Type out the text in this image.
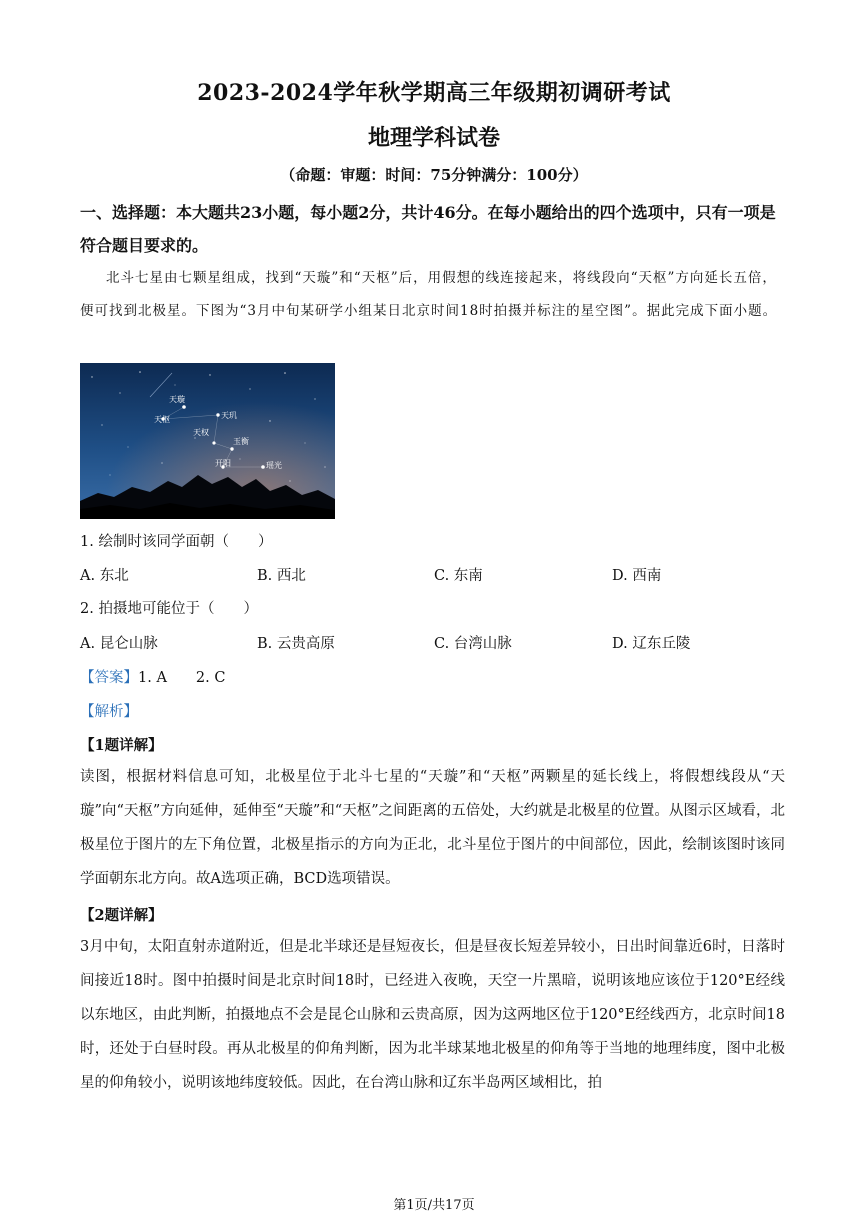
2023-2024学年秋学期高三年级期初调研考试
地理学科试卷
（命题：审题：时间：75分钟满分：100分）
一、选择题：本大题共23小题，每小题2分，共计46分。在每小题给出的四个选项中，只有一项是符合题目要求的。
北斗七星由七颗星组成，找到“天璇”和“天枢”后，用假想的线连接起来，将线段向“天枢”方向延长五倍，便可找到北极星。下图为“3月中旬某研学小组某日北京时间18时拍摄并标注的星空图”。据此完成下面小题。
天璇
天枢	天玑
天权
玉衡
开阳	瑶光
1. 绘制时该同学面朝（　　）
A. 东北	B. 西北	C. 东南	D. 西南
2. 拍摄地可能位于（　　）
A. 昆仑山脉	B. 云贵高原	C. 台湾山脉	D. 辽东丘陵
【答案】1. A　　2. C
【解析】
【1题详解】
读图，根据材料信息可知，北极星位于北斗七星的“天璇”和“天枢”两颗星的延长线上，将假想线段从“天璇”向“天枢”方向延伸，延伸至“天璇”和“天枢”之间距离的五倍处，大约就是北极星的位置。从图示区域看，北极星位于图片的左下角位置，北极星指示的方向为正北，北斗星位于图片的中间部位，因此，绘制该图时该同学面朝东北方向。故A选项正确，BCD选项错误。
【2题详解】
3月中旬，太阳直射赤道附近，但是北半球还是昼短夜长，但是昼夜长短差异较小，日出时间靠近6时，日落时间接近18时。图中拍摄时间是北京时间18时，已经进入夜晚，天空一片黑暗，说明该地应该位于120°E经线以东地区，由此判断，拍摄地点不会是昆仑山脉和云贵高原，因为这两地区位于120°E经线西方，北京时间18时，还处于白昼时段。再从北极星的仰角判断，因为北半球某地北极星的仰角等于当地的地理纬度，图中北极星的仰角较小，说明该地纬度较低。因此，在台湾山脉和辽东半岛两区域相比，拍
第1页/共17页
